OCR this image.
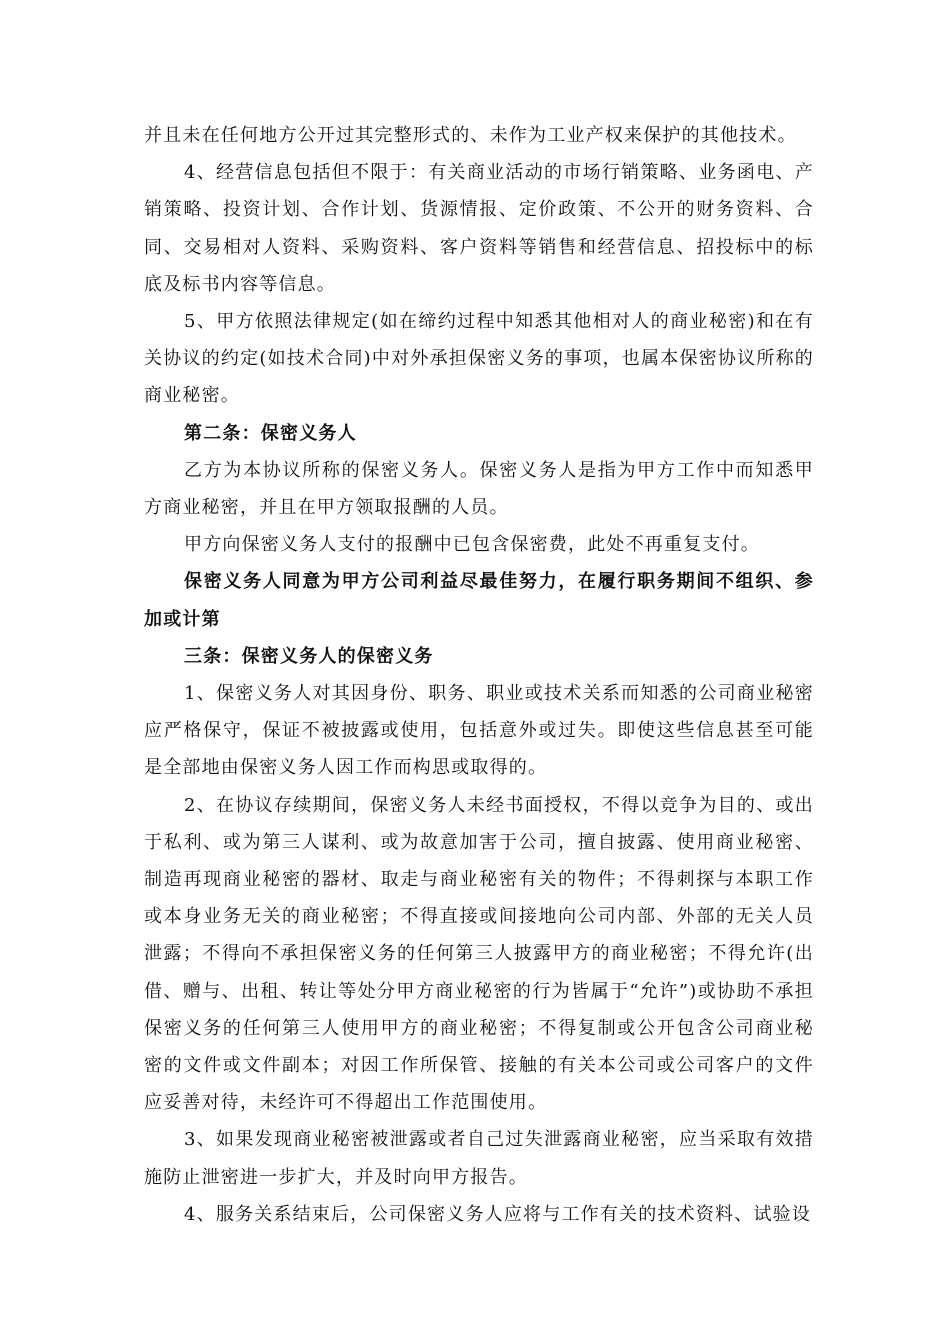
并且未在任何地方公开过其完整形式的、未作为工业产权来保护的其他技术。

4、经营信息包括但不限于：有关商业活动的市场行销策略、业务函电、产销策略、投资计划、合作计划、货源情报、定价政策、不公开的财务资料、合同、交易相对人资料、采购资料、客户资料等销售和经营信息、招投标中的标底及标书内容等信息。

5、甲方依照法律规定(如在缔约过程中知悉其他相对人的商业秘密)和在有关协议的约定(如技术合同)中对外承担保密义务的事项，也属本保密协议所称的商业秘密。

第二条：保密义务人

乙方为本协议所称的保密义务人。保密义务人是指为甲方工作中而知悉甲方商业秘密，并且在甲方领取报酬的人员。

甲方向保密义务人支付的报酬中已包含保密费，此处不再重复支付。

保密义务人同意为甲方公司利益尽最佳努力，在履行职务期间不组织、参加或计第

三条：保密义务人的保密义务

1、保密义务人对其因身份、职务、职业或技术关系而知悉的公司商业秘密应严格保守，保证不被披露或使用，包括意外或过失。即使这些信息甚至可能是全部地由保密义务人因工作而构思或取得的。

2、在协议存续期间，保密义务人未经书面授权，不得以竞争为目的、或出于私利、或为第三人谋利、或为故意加害于公司，擅自披露、使用商业秘密、制造再现商业秘密的器材、取走与商业秘密有关的物件；不得刺探与本职工作或本身业务无关的商业秘密；不得直接或间接地向公司内部、外部的无关人员泄露；不得向不承担保密义务的任何第三人披露甲方的商业秘密；不得允许(出借、赠与、出租、转让等处分甲方商业秘密的行为皆属于“允许”)或协助不承担保密义务的任何第三人使用甲方的商业秘密；不得复制或公开包含公司商业秘密的文件或文件副本；对因工作所保管、接触的有关本公司或公司客户的文件应妥善对待，未经许可不得超出工作范围使用。

3、如果发现商业秘密被泄露或者自己过失泄露商业秘密，应当采取有效措施防止泄密进一步扩大，并及时向甲方报告。

4、服务关系结束后，公司保密义务人应将与工作有关的技术资料、试验设
